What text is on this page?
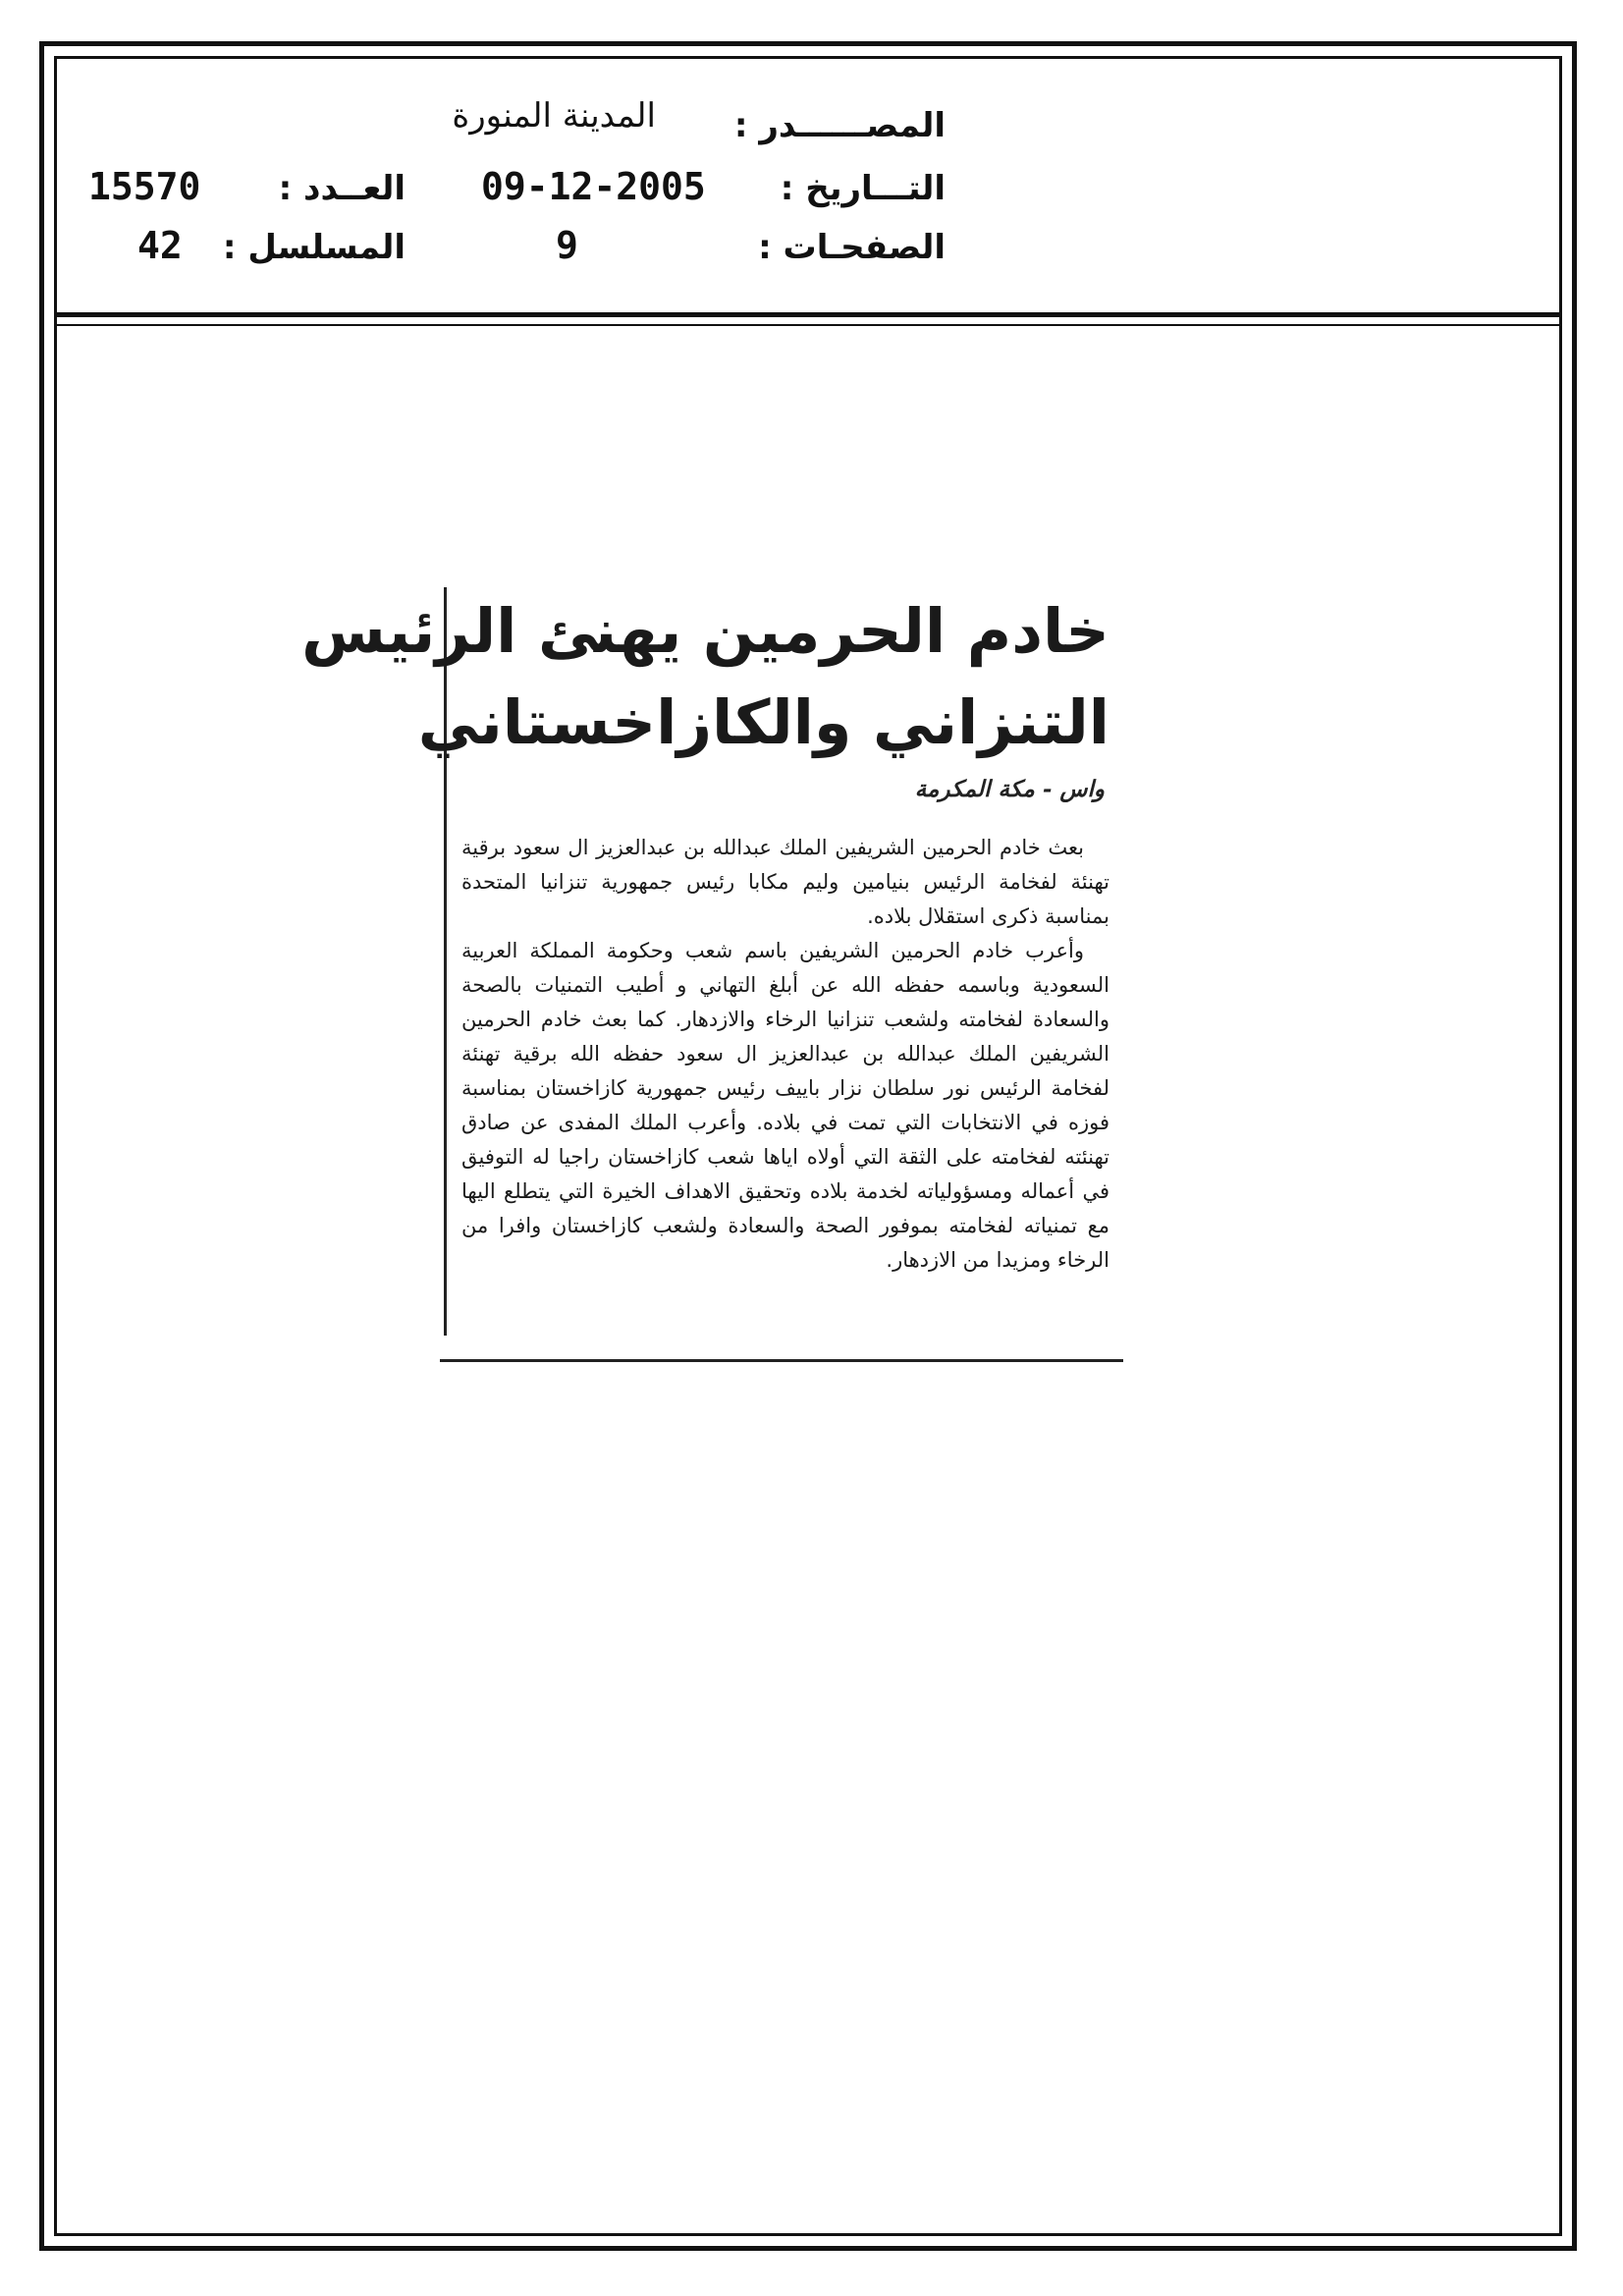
المصــــــدر :
المدينة المنورة
التـــاريخ :
09-12-2005
العــدد :
15570
الصفحـات :
9
المسلسل :
42
خادم الحرمين يهنئ الرئيس
التنزاني والكازاخستاني
واس - مكة المكرمة

بعث خادم الحرمين الشريفين الملك عبدالله بن عبدالعزيز ال سعود برقية تهنئة لفخامة الرئيس بنيامين وليم مكابا رئيس جمهورية تنزانيا المتحدة بمناسبة ذكرى استقلال بلاده.

وأعرب خادم الحرمين الشريفين باسم شعب وحكومة المملكة العربية السعودية وباسمه حفظه الله عن أبلغ التهاني و أطيب التمنيات بالصحة والسعادة لفخامته ولشعب تنزانيا الرخاء والازدهار. كما بعث خادم الحرمين الشريفين الملك عبدالله بن عبدالعزيز ال سعود حفظه الله برقية تهنئة لفخامة الرئيس نور سلطان نزار باييف رئيس جمهورية كازاخستان بمناسبة فوزه في الانتخابات التي تمت في بلاده. وأعرب الملك المفدى عن صادق تهنئته لفخامته على الثقة التي أولاه اياها شعب كازاخستان راجيا له التوفيق في أعماله ومسؤولياته لخدمة بلاده وتحقيق الاهداف الخيرة التي يتطلع اليها مع تمنياته لفخامته بموفور الصحة والسعادة ولشعب كازاخستان وافرا من الرخاء ومزيدا من الازدهار.
